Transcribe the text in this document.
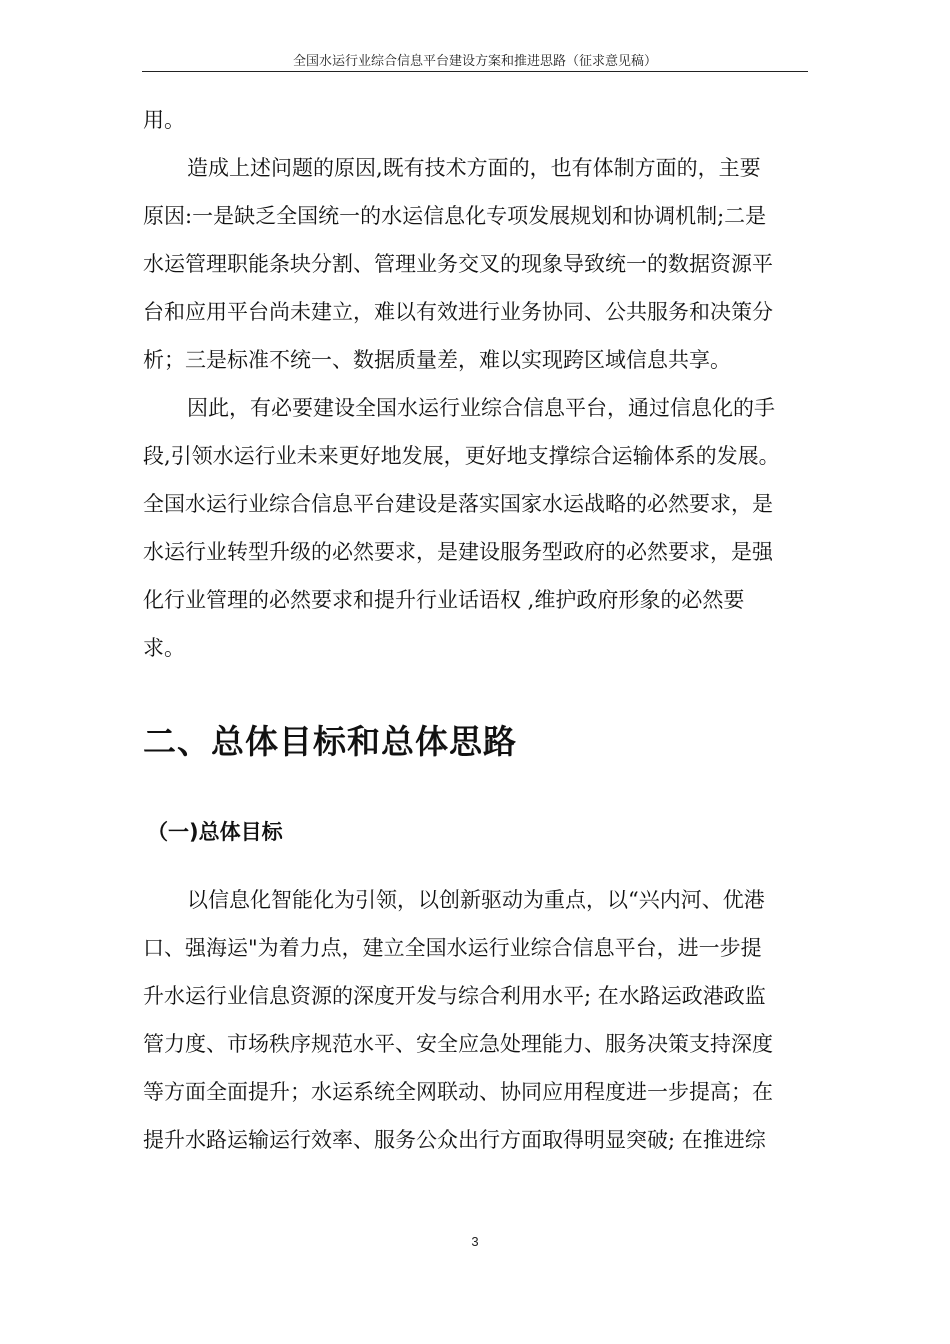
全国水运行业综合信息平台建设方案和推进思路（征求意见稿）
用。
造成上述问题的原因,既有技术方面的，也有体制方面的，主要
原因:一是缺乏全国统一的水运信息化专项发展规划和协调机制;二是
水运管理职能条块分割、管理业务交叉的现象导致统一的数据资源平
台和应用平台尚未建立，难以有效进行业务协同、公共服务和决策分
析；三是标准不统一、数据质量差，难以实现跨区域信息共享。
因此，有必要建设全国水运行业综合信息平台，通过信息化的手
段,引领水运行业未来更好地发展，更好地支撑综合运输体系的发展。
全国水运行业综合信息平台建设是落实国家水运战略的必然要求，是
水运行业转型升级的必然要求，是建设服务型政府的必然要求，是强
化行业管理的必然要求和提升行业话语权 ,维护政府形象的必然要
求。
二、总体目标和总体思路
（一)总体目标
以信息化智能化为引领，以创新驱动为重点，以“兴内河、优港
口、强海运"为着力点，建立全国水运行业综合信息平台，进一步提
升水运行业信息资源的深度开发与综合利用水平; 在水路运政港政监
管力度、市场秩序规范水平、安全应急处理能力、服务决策支持深度
等方面全面提升；水运系统全网联动、协同应用程度进一步提高；在
提升水路运输运行效率、服务公众出行方面取得明显突破; 在推进综
3
